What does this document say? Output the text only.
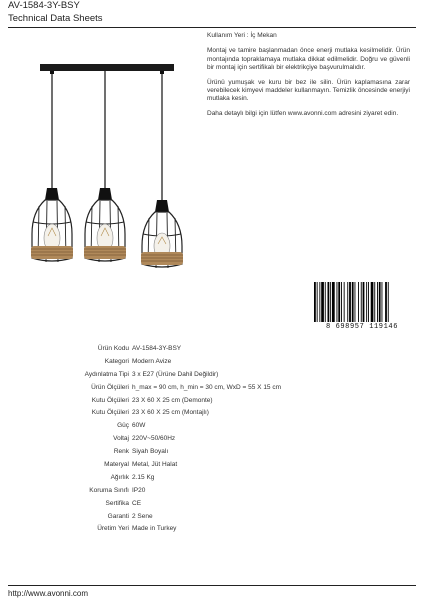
AV-1584-3Y-BSY
Technical Data Sheets

Kullanım Yeri : İç Mekan

Montaj ve tamire başlanmadan önce enerji mutlaka kesilmelidir. Ürün montajında topraklamaya mutlaka dikkat edilmelidir. Doğru ve güvenli bir montaj için sertifikalı bir elektrikçiye başvurulmalıdır.

Ürünü yumuşak ve kuru bir bez ile silin. Ürün kaplamasına zarar verebilecek kimyevi maddeler kullanmayın. Temizlik öncesinde enerjiyi mutlaka kesin.

Daha detaylı bilgi için lütfen www.avonni.com adresini ziyaret edin.

8 698957 119146
Ürün Kodu AV-1584-3Y-BSY
Kategori Modern Avize
Aydınlatma Tipi 3 x E27 (Ürüne Dahil Değildir)
Ürün Ölçüleri h_max = 90 cm, h_min = 30 cm, WxD = 55 X 15 cm
Kutu Ölçüleri 23 X 60 X 25 cm (Demonte)
Kutu Ölçüleri 23 X 60 X 25 cm (Montajlı)
Güç 60W
Voltaj 220V~50/60Hz
Renk Siyah Boyalı
Materyal Metal, Jüt Halat
Ağırlık 2.15 Kg
Koruma Sınıfı IP20
Sertifika CE
Garanti 2 Sene
Üretim Yeri Made in Turkey
http://www.avonni.com
